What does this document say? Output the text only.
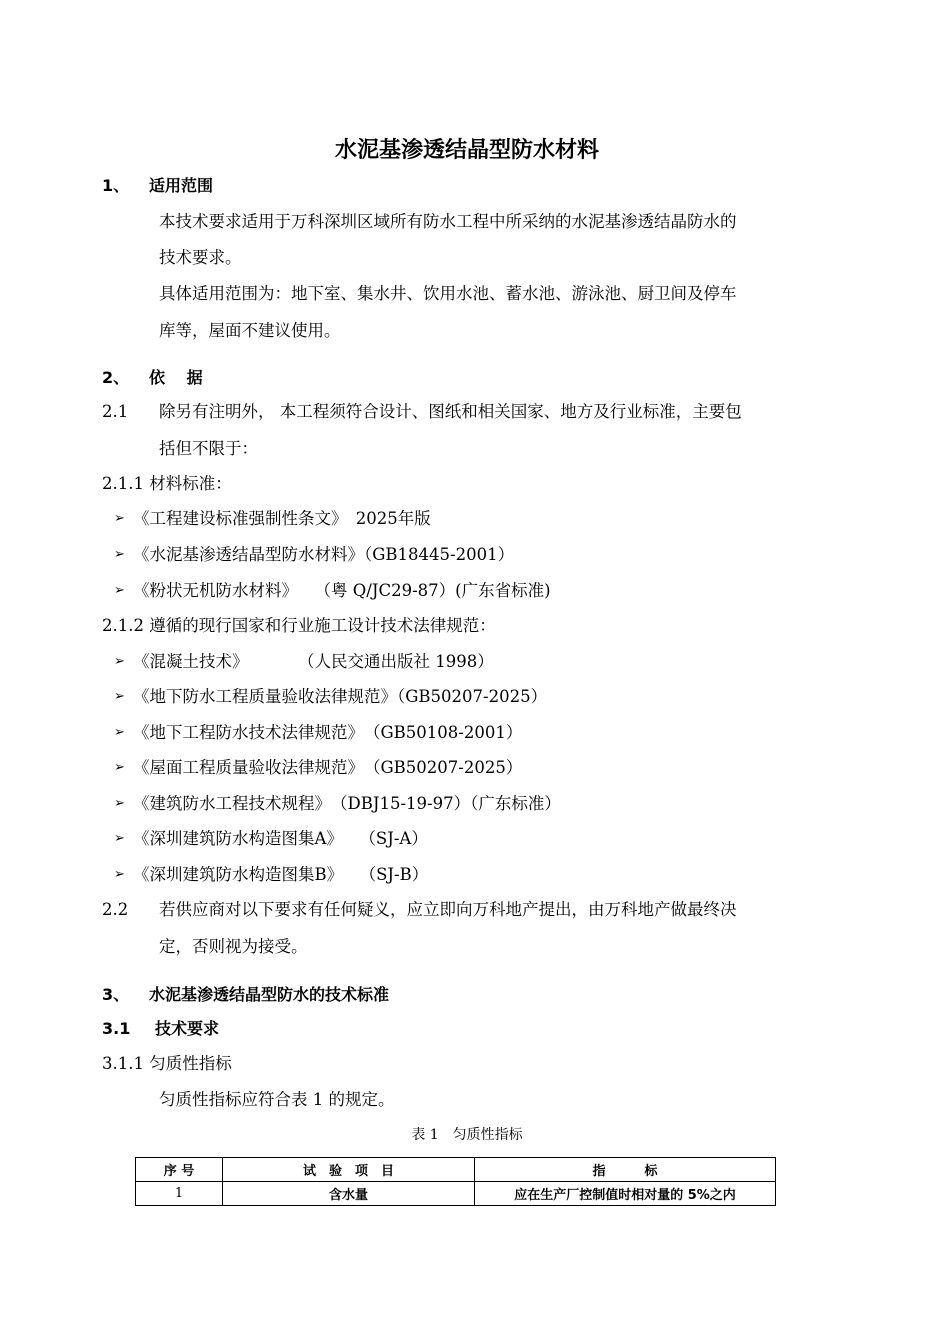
水泥基渗透结晶型防水材料
1、 适用范围
本技术要求适用于万科深圳区域所有防水工程中所采纳的水泥基渗透结晶防水的
技术要求。
具体适用范围为：地下室、集水井、饮用水池、蓄水池、游泳池、厨卫间及停车
库等，屋面不建议使用。
2、 依　 据
2.1 除另有注明外， 本工程须符合设计、图纸和相关国家、地方及行业标准，主要包
括但不限于：
2.1.1 材料标准：
➢ 《工程建设标准强制性条文》　2025年版
➢ 《水泥基渗透结晶型防水材料》（GB18445-2001）
➢ 《粉状无机防水材料》　　（粤 Q/JC29-87）(广东省标准)
2.1.2 遵循的现行国家和行业施工设计技术法律规范：
➢ 《混凝土技术》　　　　（人民交通出版社 1998）
➢ 《地下防水工程质量验收法律规范》（GB50207-2025）
➢ 《地下工程防水技术法律规范》　（GB50108-2001）
➢ 《屋面工程质量验收法律规范》　（GB50207-2025）
➢ 《建筑防水工程技术规程》　（DBJ15-19-97）（广东标准）
➢ 《深圳建筑防水构造图集A》　　（SJ-A）
➢ 《深圳建筑防水构造图集B》　　（SJ-B）
2.2 若供应商对以下要求有任何疑义，应立即向万科地产提出，由万科地产做最终决
定，否则视为接受。
3、 水泥基渗透结晶型防水的技术标准
3.1 技术要求
3.1.1 匀质性指标
匀质性指标应符合表 1 的规定。
表 1　匀质性指标
序 号	试　验　项　目	指　　　标
1	含水量	应在生产厂控制值时相对量的 5%之内
